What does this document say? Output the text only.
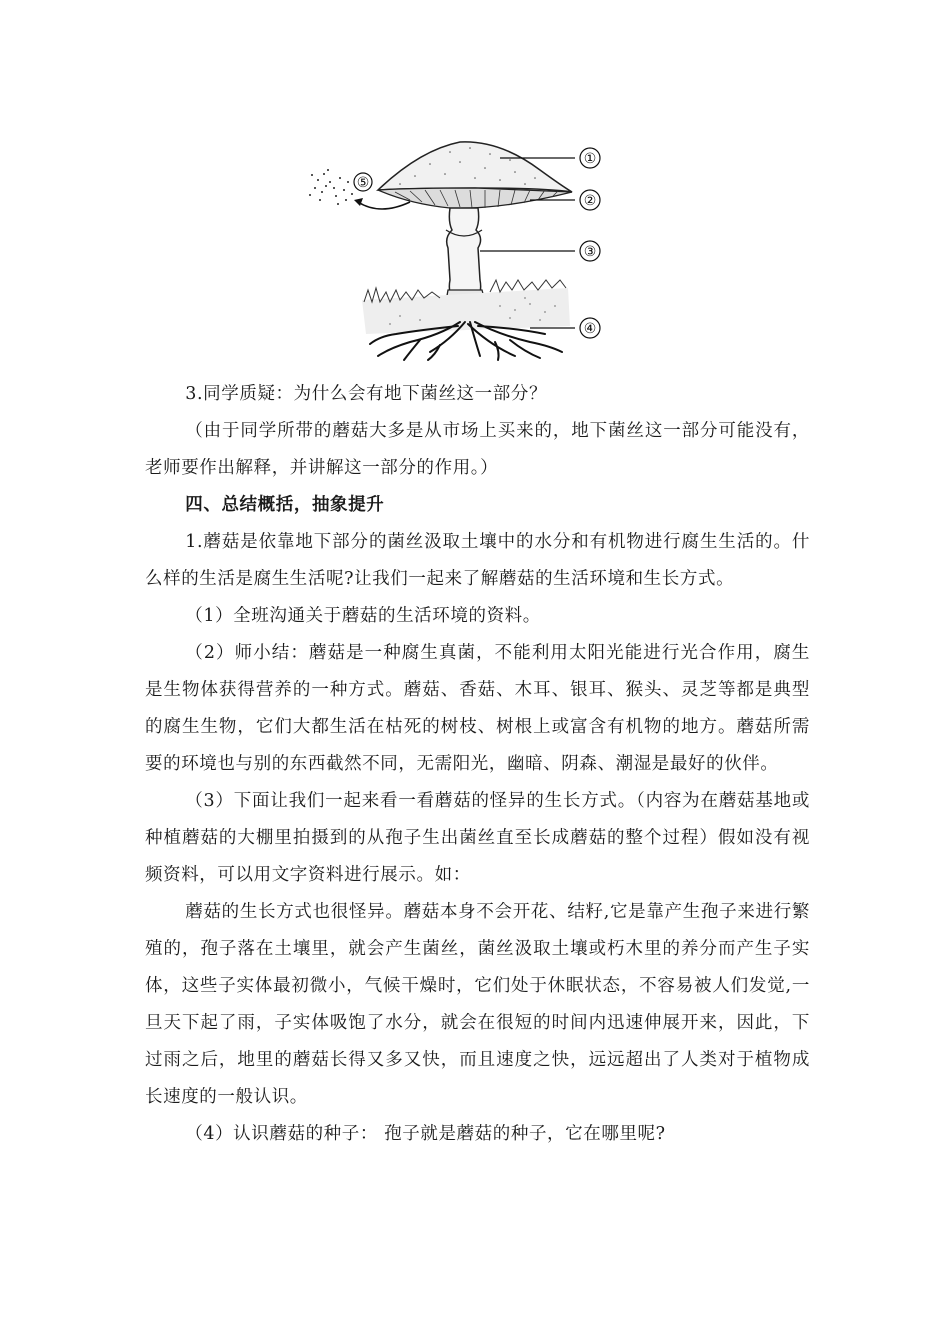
⑤
①
②
③
④

3.同学质疑：为什么会有地下菌丝这一部分？

（由于同学所带的蘑菇大多是从市场上买来的，地下菌丝这一部分可能没有，老师要作出解释，并讲解这一部分的作用。）

四、总结概括，抽象提升

1.蘑菇是依靠地下部分的菌丝汲取土壤中的水分和有机物进行腐生生活的。什么样的生活是腐生生活呢?让我们一起来了解蘑菇的生活环境和生长方式。

（1）全班沟通关于蘑菇的生活环境的资料。

（2）师小结：蘑菇是一种腐生真菌，不能利用太阳光能进行光合作用，腐生是生物体获得营养的一种方式。蘑菇、香菇、木耳、银耳、猴头、灵芝等都是典型的腐生生物，它们大都生活在枯死的树枝、树根上或富含有机物的地方。蘑菇所需要的环境也与别的东西截然不同，无需阳光，幽暗、阴森、潮湿是最好的伙伴。

（3）下面让我们一起来看一看蘑菇的怪异的生长方式。（内容为在蘑菇基地或种植蘑菇的大棚里拍摄到的从孢子生出菌丝直至长成蘑菇的整个过程）假如没有视频资料，可以用文字资料进行展示。如：

蘑菇的生长方式也很怪异。蘑菇本身不会开花、结籽,它是靠产生孢子来进行繁殖的，孢子落在土壤里，就会产生菌丝，菌丝汲取土壤或朽木里的养分而产生子实体，这些子实体最初微小，气候干燥时，它们处于休眠状态，不容易被人们发觉,一旦天下起了雨，子实体吸饱了水分，就会在很短的时间内迅速伸展开来，因此，下过雨之后，地里的蘑菇长得又多又快，而且速度之快，远远超出了人类对于植物成长速度的一般认识。

（4）认识蘑菇的种子： 孢子就是蘑菇的种子，它在哪里呢?
